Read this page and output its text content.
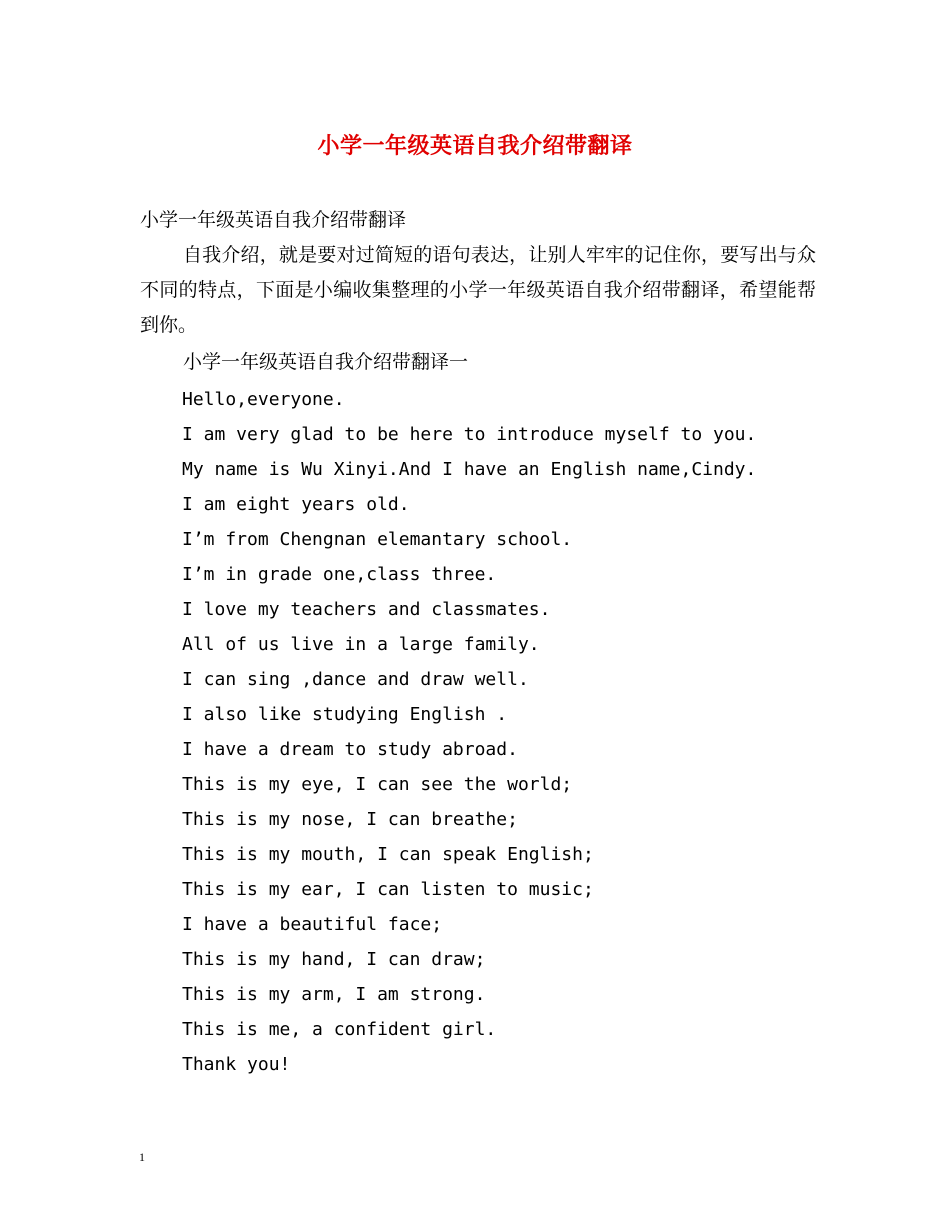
小学一年级英语自我介绍带翻译
小学一年级英语自我介绍带翻译
自我介绍，就是要对过简短的语句表达，让别人牢牢的记住你，要写出与众不同的特点，下面是小编收集整理的小学一年级英语自我介绍带翻译，希望能帮到你。
小学一年级英语自我介绍带翻译一
Hello,everyone.
I am very glad to be here to introduce myself to you.
My name is Wu Xinyi.And I have an English name,Cindy.
I am eight years old.
I’m from Chengnan elemantary school.
I’m in grade one,class three.
I love my teachers and classmates.
All of us live in a large family.
I can sing ,dance and draw well.
I also like studying English .
I have a dream to study abroad.
This is my eye, I can see the world;
This is my nose, I can breathe;
This is my mouth, I can speak English;
This is my ear, I can listen to music;
I have a beautiful face;
This is my hand, I can draw;
This is my arm, I am strong.
This is me, a confident girl.
Thank you!
1
